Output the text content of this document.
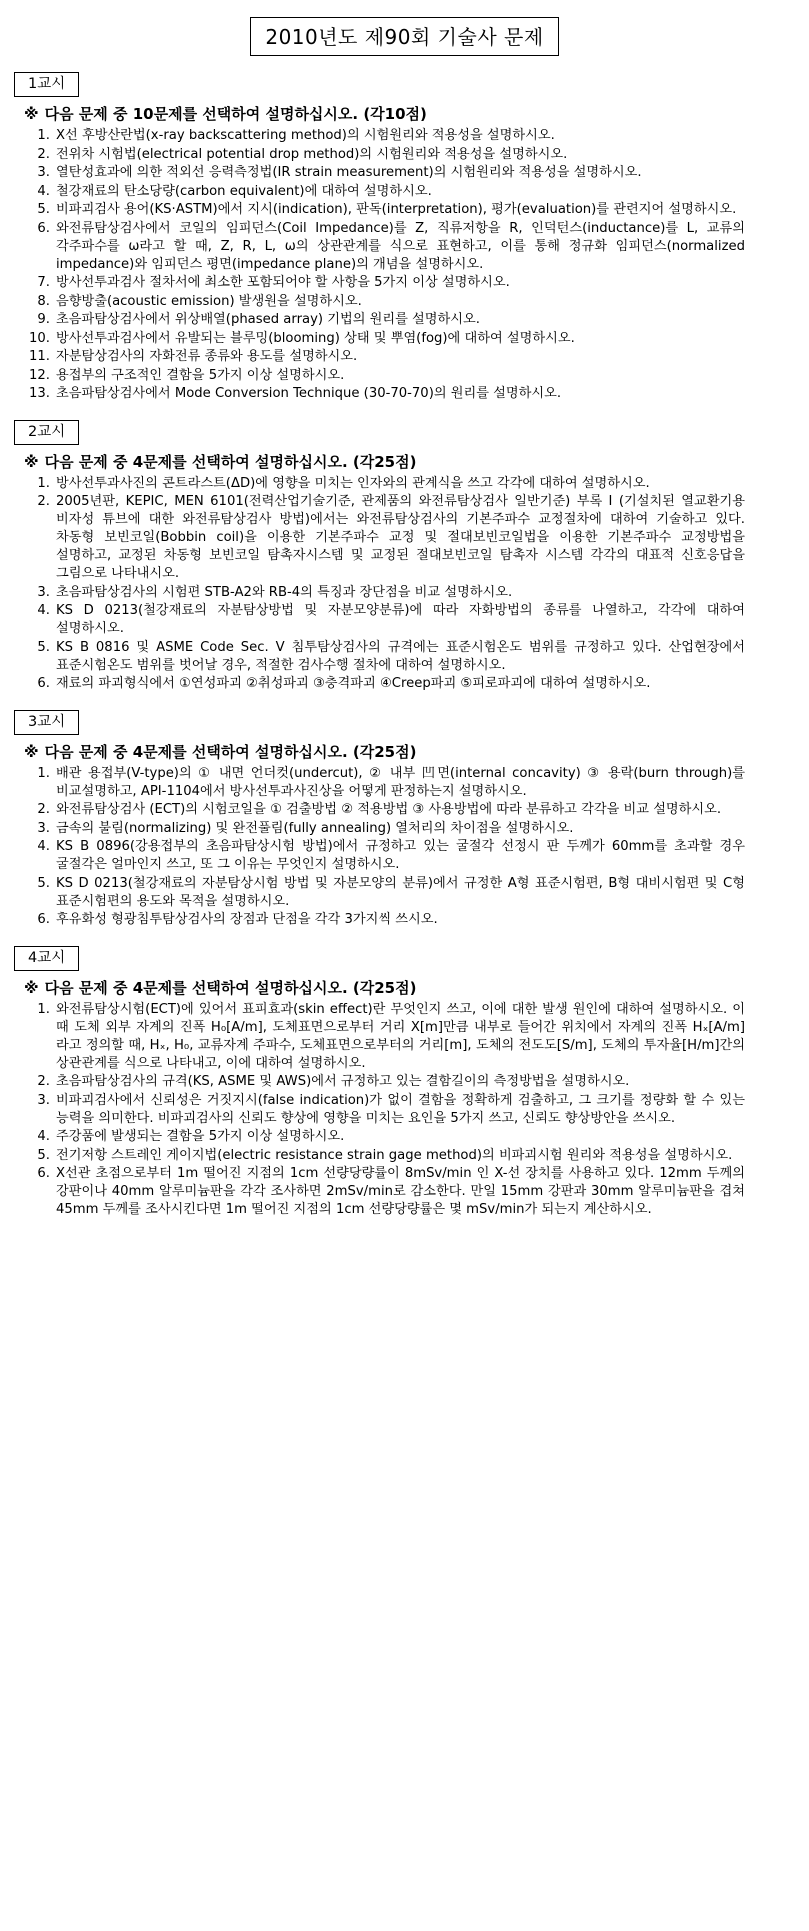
2010년도 제90회 기술사 문제
1교시
※ 다음 문제 중 10문제를 선택하여 설명하십시오. (각10점)
1. X선 후방산란법(x-ray backscattering method)의 시험원리와 적용성을 설명하시오.
2. 전위차 시험법(electrical potential drop method)의 시험원리와 적용성을 설명하시오.
3. 열탄성효과에 의한 적외선 응력측정법(IR strain measurement)의 시험원리와 적용성을 설명하시오.
4. 철강재료의 탄소당량(carbon equivalent)에 대하여 설명하시오.
5. 비파괴검사 용어(KS·ASTM)에서 지시(indication), 판독(interpretation), 평가(evaluation)를 관련지어 설명하시오.
6. 와전류탐상검사에서 코일의 임피던스(Coil Impedance)를 Z, 직류저항을 R, 인덕턴스(inductance)를 L, 교류의 각주파수를 ω라고 할 때, Z, R, L, ω의 상관관계를 식으로 표현하고, 이를 통해 정규화 임피던스(normalized impedance)와 임피던스 평면(impedance plane)의 개념을 설명하시오.
7. 방사선투과검사 절차서에 최소한 포함되어야 할 사항을 5가지 이상 설명하시오.
8. 음향방출(acoustic emission) 발생원을 설명하시오.
9. 초음파탐상검사에서 위상배열(phased array) 기법의 원리를 설명하시오.
10. 방사선투과검사에서 유발되는 블루밍(blooming) 상태 및 뿌염(fog)에 대하여 설명하시오.
11. 자분탐상검사의 자화전류 종류와 용도를 설명하시오.
12. 용접부의 구조적인 결함을 5가지 이상 설명하시오.
13. 초음파탐상검사에서 Mode Conversion Technique (30-70-70)의 원리를 설명하시오.
2교시
※ 다음 문제 중 4문제를 선택하여 설명하십시오. (각25점)
1. 방사선투과사진의 콘트라스트(ΔD)에 영향을 미치는 인자와의 관계식을 쓰고 각각에 대하여 설명하시오.
2. 2005년판, KEPIC, MEN 6101(전력산업기술기준, 관제품의 와전류탐상검사 일반기준) 부록 I (기설치된 열교환기용 비자성 튜브에 대한 와전류탐상검사 방법)에서는 와전류탐상검사의 기본주파수 교정절차에 대하여 기술하고 있다. 차동형 보빈코일(Bobbin coil)을 이용한 기본주파수 교정 및 절대보빈코일법을 이용한 기본주파수 교정방법을 설명하고, 교정된 차동형 보빈코일 탐촉자시스템 및 교정된 절대보빈코일 탐촉자 시스템 각각의 대표적 신호응답을 그림으로 나타내시오.
3. 초음파탐상검사의 시험편 STB-A2와 RB-4의 특징과 장단점을 비교 설명하시오.
4. KS D 0213(철강재료의 자분탐상방법 및 자분모양분류)에 따라 자화방법의 종류를 나열하고, 각각에 대하여 설명하시오.
5. KS B 0816 및 ASME Code Sec. V 침투탐상검사의 규격에는 표준시험온도 범위를 규정하고 있다. 산업현장에서 표준시험온도 범위를 벗어날 경우, 적절한 검사수행 절차에 대하여 설명하시오.
6. 재료의 파괴형식에서 ①연성파괴 ②취성파괴 ③충격파괴 ④Creep파괴 ⑤피로파괴에 대하여 설명하시오.
3교시
※ 다음 문제 중 4문제를 선택하여 설명하십시오. (각25점)
1. 배관 용접부(V-type)의 ① 내면 언더컷(undercut), ② 내부 凹면(internal concavity) ③ 용락(burn through)를 비교설명하고, API-1104에서 방사선투과사진상을 어떻게 판정하는지 설명하시오.
2. 와전류탐상검사 (ECT)의 시험코일을 ① 검출방법 ② 적용방법 ③ 사용방법에 따라 분류하고 각각을 비교 설명하시오.
3. 금속의 불림(normalizing) 및 완전풀림(fully annealing) 열처리의 차이점을 설명하시오.
4. KS B 0896(강용접부의 초음파탐상시험 방법)에서 규정하고 있는 굴절각 선정시 판 두께가 60mm를 초과할 경우 굴절각은 얼마인지 쓰고, 또 그 이유는 무엇인지 설명하시오.
5. KS D 0213(철강재료의 자분탐상시험 방법 및 자분모양의 분류)에서 규정한 A형 표준시험편, B형 대비시험편 및 C형 표준시험편의 용도와 목적을 설명하시오.
6. 후유화성 형광침투탐상검사의 장점과 단점을 각각 3가지씩 쓰시오.
4교시
※ 다음 문제 중 4문제를 선택하여 설명하십시오. (각25점)
1. 와전류탐상시험(ECT)에 있어서 표피효과(skin effect)란 무엇인지 쓰고, 이에 대한 발생 원인에 대하여 설명하시오. 이 때 도체 외부 자계의 진폭 H₀[A/m], 도체표면으로부터 거리 X[m]만큼 내부로 들어간 위치에서 자계의 진폭 Hₓ[A/m]라고 정의할 때, Hₓ, H₀, 교류자계 주파수, 도체표면으로부터의 거리[m], 도체의 전도도[S/m], 도체의 투자율[H/m]간의 상관관계를 식으로 나타내고, 이에 대하여 설명하시오.
2. 초음파탐상검사의 규격(KS, ASME 및 AWS)에서 규정하고 있는 결함길이의 측정방법을 설명하시오.
3. 비파괴검사에서 신뢰성은 거짓지시(false indication)가 없이 결함을 정확하게 검출하고, 그 크기를 정량화 할 수 있는 능력을 의미한다. 비파괴검사의 신뢰도 향상에 영향을 미치는 요인을 5가지 쓰고, 신뢰도 향상방안을 쓰시오.
4. 주강품에 발생되는 결함을 5가지 이상 설명하시오.
5. 전기저항 스트레인 게이지법(electric resistance strain gage method)의 비파괴시험 원리와 적용성을 설명하시오.
6. X선관 초점으로부터 1m 떨어진 지점의 1cm 선량당량률이 8mSv/min 인 X-선 장치를 사용하고 있다. 12mm 두께의 강판이나 40mm 알루미늄판을 각각 조사하면 2mSv/min로 감소한다. 만일 15mm 강판과 30mm 알루미늄판을 겹쳐 45mm 두께를 조사시킨다면 1m 떨어진 지점의 1cm 선량당량률은 몇 mSv/min가 되는지 계산하시오.
